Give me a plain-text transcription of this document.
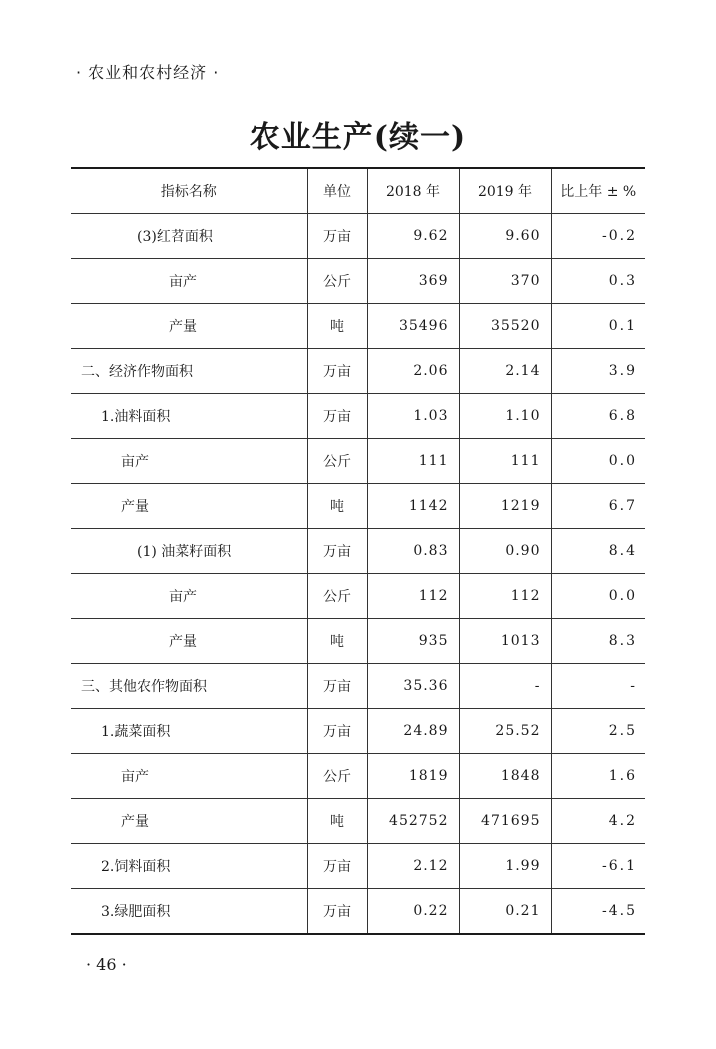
· 农业和农村经济 ·
农业生产(续一)
指标名称	单位	2018 年	2019 年	比上年 ± %
(3)红苕面积	万亩	9.62	9.60	-0.2
亩产	公斤	369	370	0.3
产量	吨	35496	35520	0.1
二、经济作物面积	万亩	2.06	2.14	3.9
1.油料面积	万亩	1.03	1.10	6.8
亩产	公斤	111	111	0.0
产量	吨	1142	1219	6.7
(1) 油菜籽面积	万亩	0.83	0.90	8.4
亩产	公斤	112	112	0.0
产量	吨	935	1013	8.3
三、其他农作物面积	万亩	35.36	-	-
1.蔬菜面积	万亩	24.89	25.52	2.5
亩产	公斤	1819	1848	1.6
产量	吨	452752	471695	4.2
2.饲料面积	万亩	2.12	1.99	-6.1
3.绿肥面积	万亩	0.22	0.21	-4.5
· 46 ·
